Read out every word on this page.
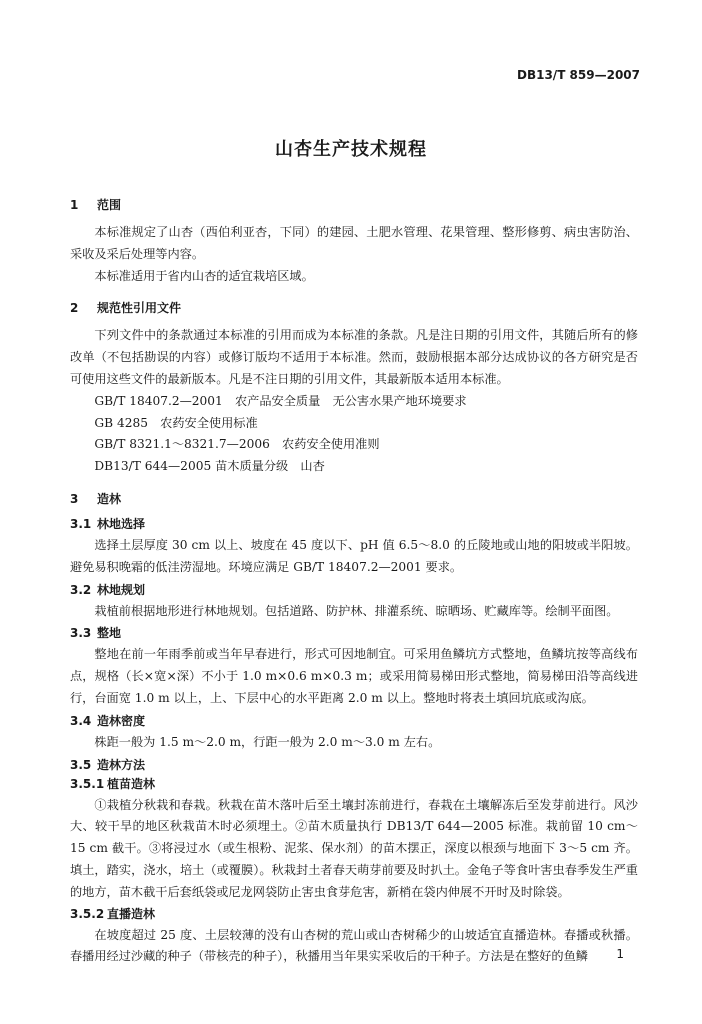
DB13/T 859—2007
山杏生产技术规程
1 范围

本标准规定了山杏（西伯利亚杏，下同）的建园、土肥水管理、花果管理、整形修剪、病虫害防治、采收及采后处理等内容。

本标准适用于省内山杏的适宜栽培区域。

2 规范性引用文件

下列文件中的条款通过本标准的引用而成为本标准的条款。凡是注日期的引用文件，其随后所有的修改单（不包括勘误的内容）或修订版均不适用于本标准。然而，鼓励根据本部分达成协议的各方研究是否可使用这些文件的最新版本。凡是不注日期的引用文件，其最新版本适用本标准。

GB/T 18407.2—2001　农产品安全质量　无公害水果产地环境要求

GB 4285　农药安全使用标准

GB/T 8321.1～8321.7—2006　农药安全使用准则

DB13/T 644—2005 苗木质量分级　山杏

3 造林
3.1 林地选择

选择土层厚度 30 cm 以上、坡度在 45 度以下、pH 值 6.5～8.0 的丘陵地或山地的阳坡或半阳坡。避免易积晚霜的低洼涝湿地。环境应满足 GB/T 18407.2—2001 要求。

3.2 林地规划

栽植前根据地形进行林地规划。包括道路、防护林、排灌系统、晾晒场、贮藏库等。绘制平面图。

3.3 整地

整地在前一年雨季前或当年早春进行，形式可因地制宜。可采用鱼鳞坑方式整地，鱼鳞坑按等高线布点，规格（长×宽×深）不小于 1.0 m×0.6 m×0.3 m；或采用简易梯田形式整地，简易梯田沿等高线进行，台面宽 1.0 m 以上，上、下层中心的水平距离 2.0 m 以上。整地时将表土填回坑底或沟底。

3.4 造林密度

株距一般为 1.5 m～2.0 m，行距一般为 2.0 m～3.0 m 左右。

3.5 造林方法
3.5.1 植苗造林

①栽植分秋栽和春栽。秋栽在苗木落叶后至土壤封冻前进行，春栽在土壤解冻后至发芽前进行。风沙大、较干旱的地区秋栽苗木时必须埋土。②苗木质量执行 DB13/T 644—2005 标准。栽前留 10 cm～15 cm 截干。③将浸过水（或生根粉、泥浆、保水剂）的苗木摆正，深度以根颈与地面下 3～5 cm 齐。填土，踏实，浇水，培土（或覆膜）。秋栽封土者春天萌芽前要及时扒土。金龟子等食叶害虫春季发生严重的地方，苗木截干后套纸袋或尼龙网袋防止害虫食芽危害，新梢在袋内伸展不开时及时除袋。

3.5.2 直播造林

在坡度超过 25 度、土层较薄的没有山杏树的荒山或山杏树稀少的山坡适宜直播造林。春播或秋播。春播用经过沙藏的种子（带核壳的种子），秋播用当年果实采收后的干种子。方法是在整好的鱼鳞	1
